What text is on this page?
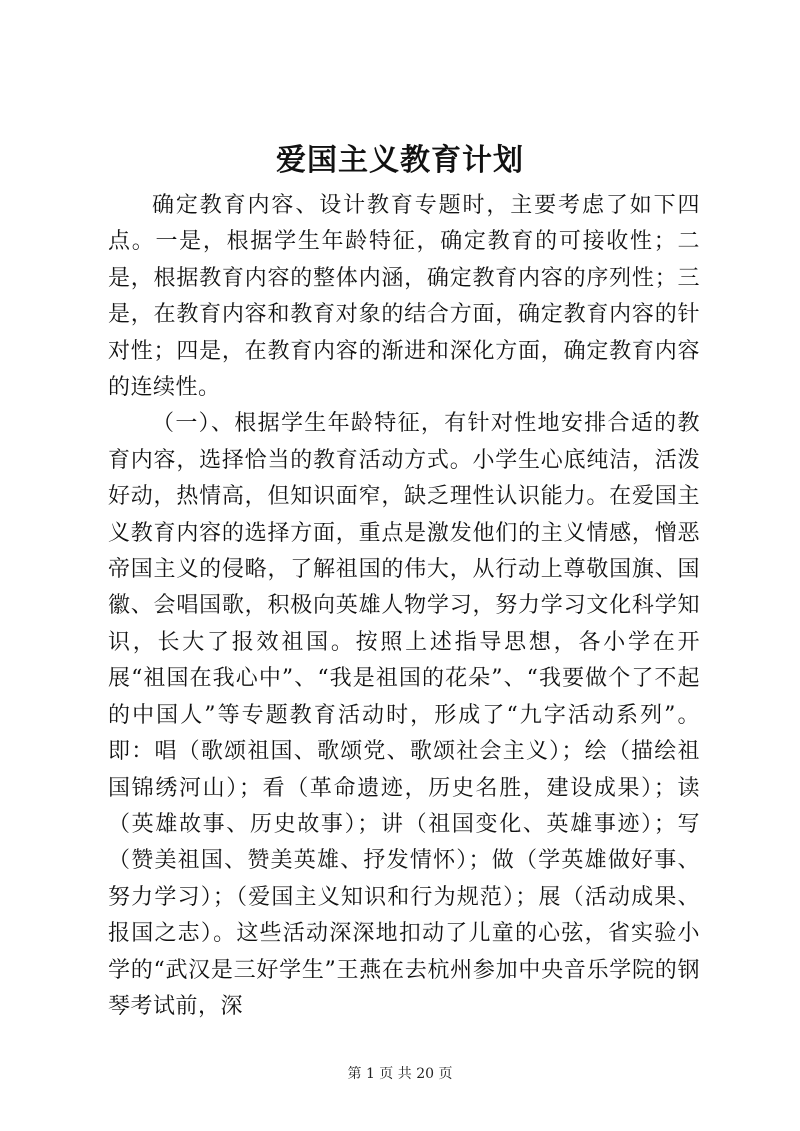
爱国主义教育计划

确定教育内容、设计教育专题时，主要考虑了如下四点。一是，根据学生年龄特征，确定教育的可接收性；二是，根据教育内容的整体内涵，确定教育内容的序列性；三是，在教育内容和教育对象的结合方面，确定教育内容的针对性；四是，在教育内容的渐进和深化方面，确定教育内容的连续性。

（一）、根据学生年龄特征，有针对性地安排合适的教育内容，选择恰当的教育活动方式。小学生心底纯洁，活泼好动，热情高，但知识面窄，缺乏理性认识能力。在爱国主义教育内容的选择方面，重点是激发他们的主义情感，憎恶帝国主义的侵略，了解祖国的伟大，从行动上尊敬国旗、国徽、会唱国歌，积极向英雄人物学习，努力学习文化科学知识，长大了报效祖国。按照上述指导思想，各小学在开展“祖国在我心中”、“我是祖国的花朵”、“我要做个了不起的中国人”等专题教育活动时，形成了“九字活动系列”。即：唱（歌颂祖国、歌颂党、歌颂社会主义）；绘（描绘祖国锦绣河山）；看（革命遗迹，历史名胜，建设成果）；读（英雄故事、历史故事）；讲（祖国变化、英雄事迹）；写（赞美祖国、赞美英雄、抒发情怀）；做（学英雄做好事、努力学习）；（爱国主义知识和行为规范）；展（活动成果、报国之志）。这些活动深深地扣动了儿童的心弦，省实验小学的“武汉是三好学生”王燕在去杭州参加中央音乐学院的钢琴考试前，深

第 1 页 共 20 页
